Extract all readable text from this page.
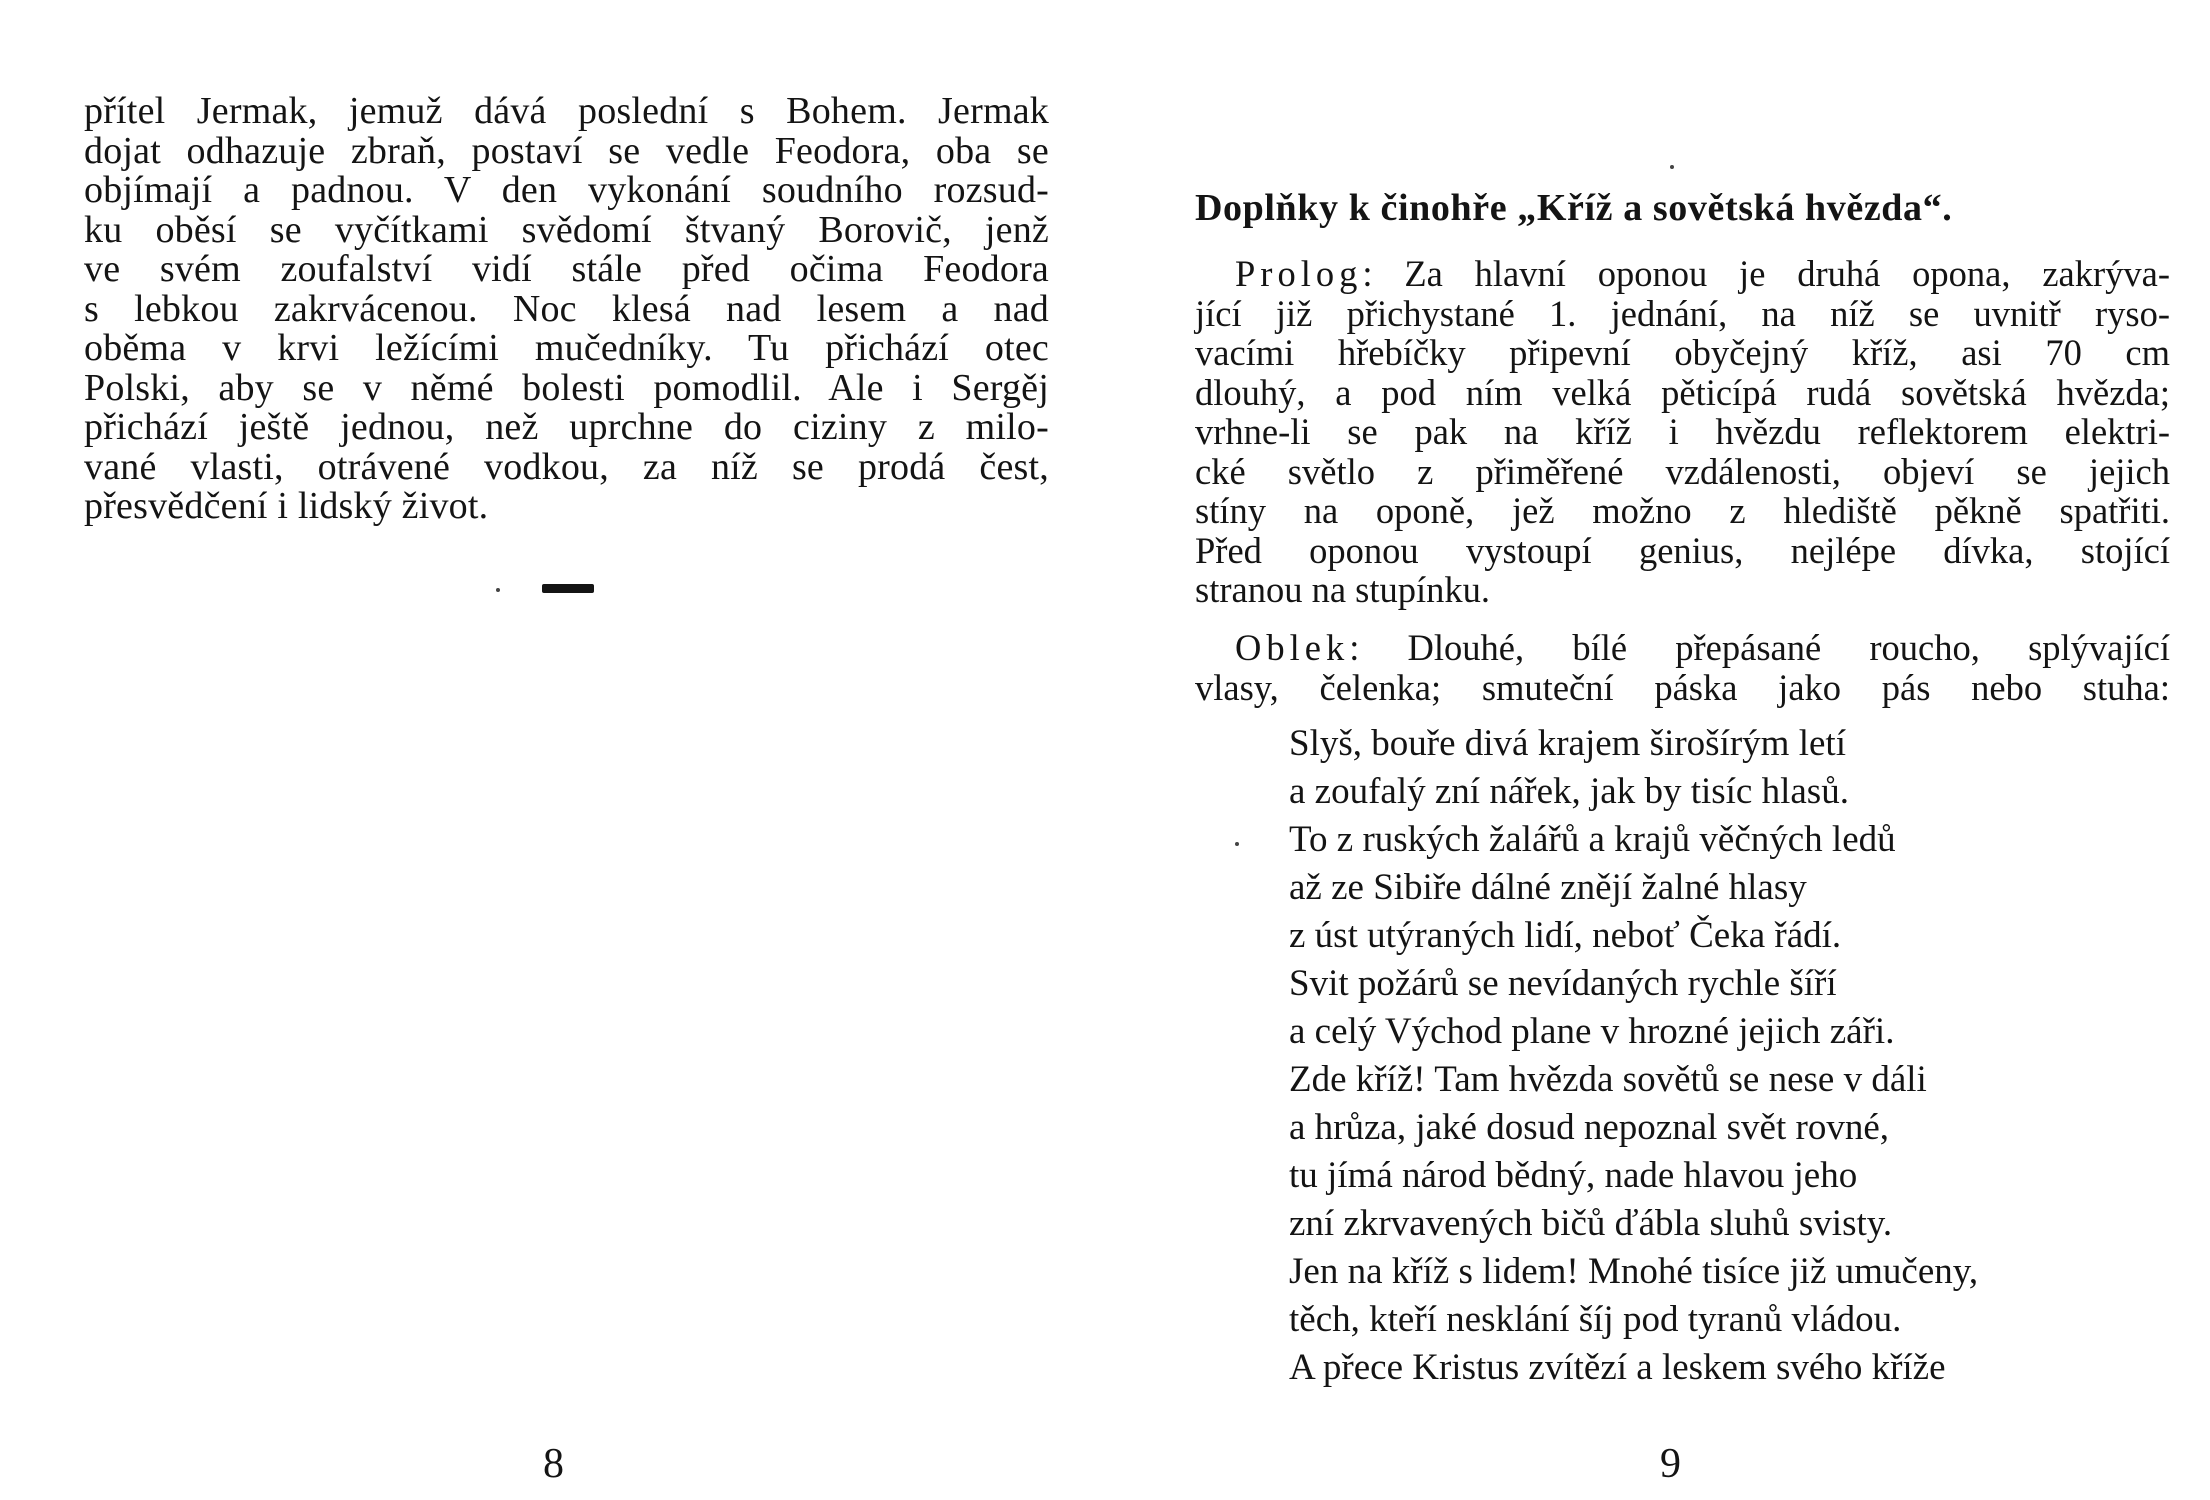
přítel Jermak, jemuž dává poslední s Bohem. Jermak
dojat odhazuje zbraň, postaví se vedle Feodora, oba se
objímají a padnou. V den vykonání soudního rozsud-
ku oběsí se vyčítkami svědomí štvaný Borovič, jenž
ve svém zoufalství vidí stále před očima Feodora
s lebkou zakrvácenou. Noc klesá nad lesem a nad
oběma v krvi ležícími mučedníky. Tu přichází otec
Polski, aby se v němé bolesti pomodlil. Ale i Sergěj
přichází ještě jednou, než uprchne do ciziny z milo-
vané vlasti, otrávené vodkou, za níž se prodá čest,
přesvědčení i lidský život.
8
Doplňky k činohře „Kříž a sovětská hvězda“.
Prolog: Za hlavní oponou je druhá opona, zakrýva-
jící již přichystané 1. jednání, na níž se uvnitř ryso-
vacími hřebíčky připevní obyčejný kříž, asi 70 cm
dlouhý, a pod ním velká pěticípá rudá sovětská hvězda;
vrhne-li se pak na kříž i hvězdu reflektorem elektri-
cké světlo z přiměřené vzdálenosti, objeví se jejich
stíny na oponě, jež možno z hlediště pěkně spatřiti.
Před oponou vystoupí genius, nejlépe dívka, stojící
stranou na stupínku.
Oblek: Dlouhé, bílé přepásané roucho, splývající
vlasy, čelenka; smuteční páska jako pás nebo stuha:
Slyš, bouře divá krajem širošírým letí
a zoufalý zní nářek, jak by tisíc hlasů.
To z ruských žalářů a krajů věčných ledů
až ze Sibiře dálné znějí žalné hlasy
z úst utýraných lidí, neboť Čeka řádí.
Svit požárů se nevídaných rychle šíří
a celý Východ plane v hrozné jejich záři.
Zde kříž! Tam hvězda sovětů se nese v dáli
a hrůza, jaké dosud nepoznal svět rovné,
tu jímá národ bědný, nade hlavou jeho
zní zkrvavených bičů ďábla sluhů svisty.
Jen na kříž s lidem! Mnohé tisíce již umučeny,
těch, kteří nesklání šíj pod tyranů vládou.
A přece Kristus zvítězí a leskem svého kříže
9
